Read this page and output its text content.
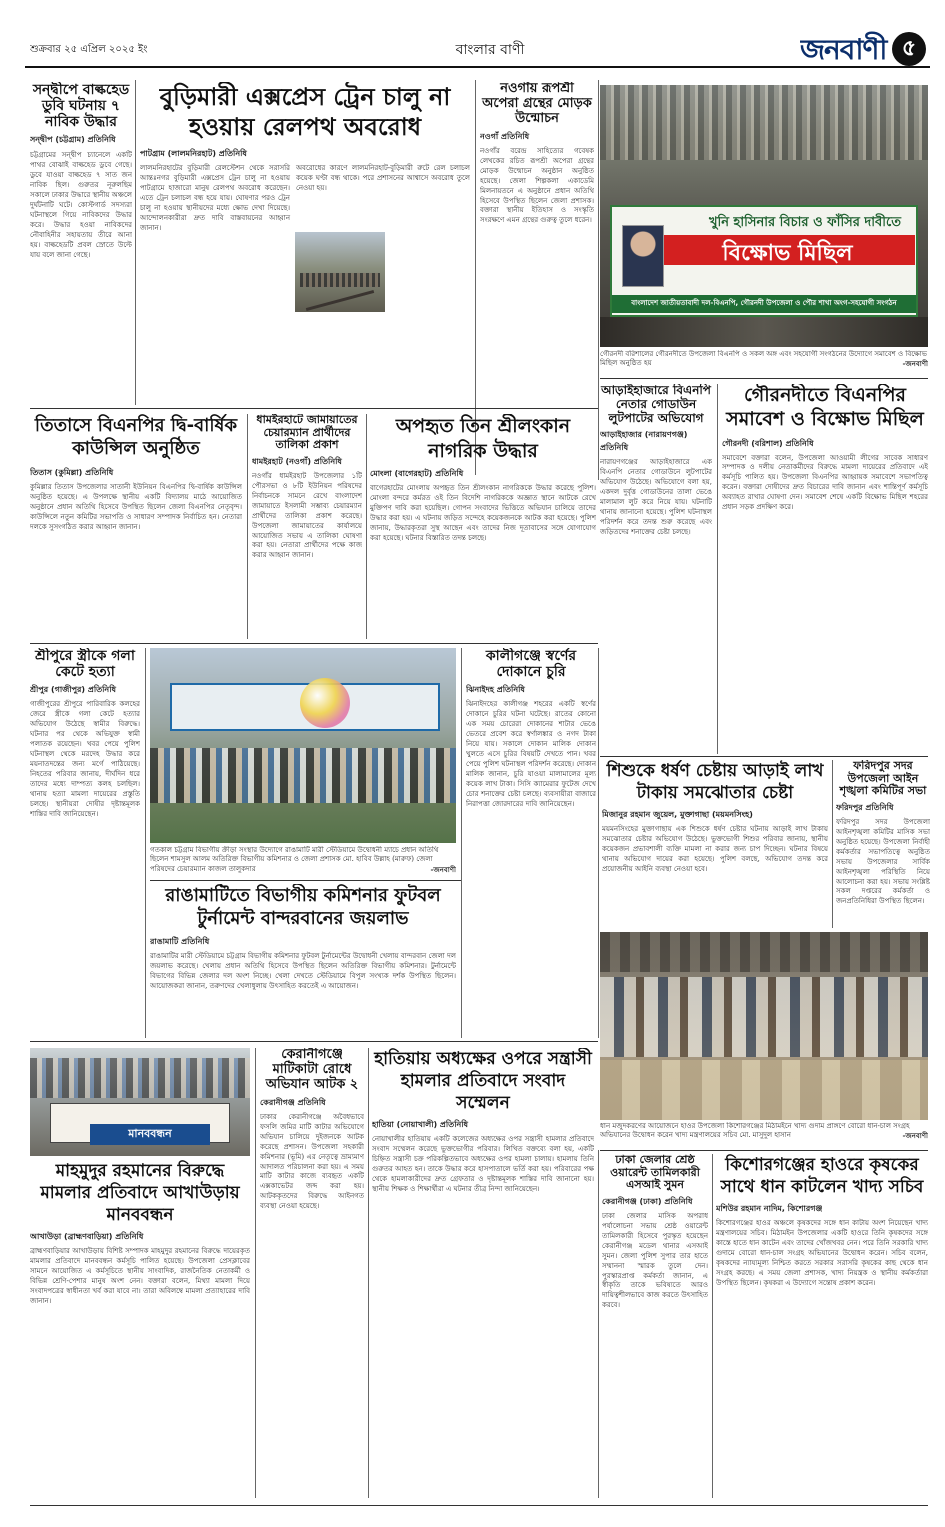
শুক্রবার ২৫ এপ্রিল ২০২৫ ইং	বাংলার বাণী	জনবাণী ৫
সন্দ্বীপে বাল্কহেড ডুবি ঘটনায় ৭ নাবিক উদ্ধার
সন্দ্বীপ (চট্টগ্রাম) প্রতিনিধি
চট্টগ্রামের সন্দ্বীপ চ্যানেলে একটি পাথর বোঝাই বাল্কহেড ডুবে গেছে। ডুবে যাওয়া বাল্কহেড ৭ সাত জন নাবিক ছিল। গুরুতর নূরুলছিম সকালে ঢাকার উদ্ধারে স্থানীয় অঞ্চলে দুর্ঘটনাটি ঘটে। কোস্টগার্ড সদস্যরা ঘটনাস্থলে গিয়ে নাবিকদের উদ্ধার করে। উদ্ধার হওয়া নাবিকদের নৌবাহিনীর সহায়তায় তীরে আনা হয়। বাল্কহেডটি প্রবল স্রোতে উল্টে যায় বলে জানা গেছে।
বুড়িমারী এক্সপ্রেস ট্রেন চালু না হওয়ায় রেলপথ অবরোধ
পাটগ্রাম (লালমনিরহাট) প্রতিনিধি
লালমনিরহাটের বুড়িমারী রেলস্টেশন থেকে সরাসরি আন্তঃনগর বুড়িমারী এক্সপ্রেস ট্রেন চালু না হওয়ায় পাটগ্রামে হাজারো মানুষ রেলপথ অবরোধ করেছেন। এতে ট্রেন চলাচল বন্ধ হয়ে যায়। ঘোষণার পরও ট্রেন চালু না হওয়ায় স্থানীয়দের মধ্যে ক্ষোভ দেখা দিয়েছে। আন্দোলনকারীরা দ্রুত দাবি বাস্তবায়নের আহ্বান জানান।
অবরোধের কারণে লালমনিরহাট-বুড়িমারী রুটে রেল চলাচল কয়েক ঘণ্টা বন্ধ থাকে। পরে প্রশাসনের আশ্বাসে অবরোধ তুলে নেওয়া হয়।
নওগাঁয় রূপশ্রী অপেরা গ্রন্থের মোড়ক উন্মোচন
নওগাঁ প্রতিনিধি
নওগাঁর বরেন্দ্র সাহিত্যের গবেষক লেখকের রচিত রূপশ্রী অপেরা গ্রন্থের মোড়ক উন্মোচন অনুষ্ঠান অনুষ্ঠিত হয়েছে। জেলা শিল্পকলা একাডেমি মিলনায়তনে এ অনুষ্ঠানে প্রধান অতিথি হিসেবে উপস্থিত ছিলেন জেলা প্রশাসক। বক্তারা স্থানীয় ইতিহাস ও সংস্কৃতি সংরক্ষণে এমন গ্রন্থের গুরুত্ব তুলে ধরেন।	খুনি হাসিনার বিচার ও ফাঁসির দাবীতে
বিক্ষোভ মিছিল
বাংলাদেশ জাতীয়তাবাদী দল-বিএনপি, গৌরনদী উপজেলা ও পৌর শাখা অংগ-সহযোগী সংগঠন
গৌরনদী বরিশালের গৌরনদীতে উপজেলা বিএনপি ও সকল অঙ্গ এবং সহযোগী সংগঠনের উদ্যোগে সমাবেশ ও বিক্ষোভ মিছিল অনুষ্ঠিত হয়	-জনবাণী
আড়াইহাজারে বিএনপি নেতার গোডাউন লুটপাটের অভিযোগ
আড়াইহাজার (নারায়ণগঞ্জ) প্রতিনিধি
নারায়ণগঞ্জের আড়াইহাজারে এক বিএনপি নেতার গোডাউনে লুটপাটের অভিযোগ উঠেছে। অভিযোগে বলা হয়, একদল দুর্বৃত্ত গোডাউনের তালা ভেঙে মালামাল লুট করে নিয়ে যায়। ঘটনাটি থানায় জানানো হয়েছে। পুলিশ ঘটনাস্থল পরিদর্শন করে তদন্ত শুরু করেছে এবং জড়িতদের শনাক্তের চেষ্টা চলছে।
গৌরনদীতে বিএনপির সমাবেশ ও বিক্ষোভ মিছিল
গৌরনদী (বরিশাল) প্রতিনিধি
সমাবেশে বক্তারা বলেন, উপজেলা আওয়ামী লীগের সাবেক সাধারণ সম্পাদক ও দলীয় নেতাকর্মীদের বিরুদ্ধে মামলা দায়েরের প্রতিবাদে এই কর্মসূচি পালিত হয়। উপজেলা বিএনপির আহ্বায়ক সমাবেশে সভাপতিত্ব করেন। বক্তারা দোষীদের দ্রুত বিচারের দাবি জানান এবং শান্তিপূর্ণ কর্মসূচি অব্যাহত রাখার ঘোষণা দেন। সমাবেশ শেষে একটি বিক্ষোভ মিছিল শহরের প্রধান সড়ক প্রদক্ষিণ করে।
তিতাসে বিএনপির দ্বি-বার্ষিক কাউন্সিল অনুষ্ঠিত
তিতাস (কুমিল্লা) প্রতিনিধি
কুমিল্লার তিতাস উপজেলার সাতানী ইউনিয়ন বিএনপির দ্বি-বার্ষিক কাউন্সিল অনুষ্ঠিত হয়েছে। এ উপলক্ষে স্থানীয় একটি বিদ্যালয় মাঠে আয়োজিত অনুষ্ঠানে প্রধান অতিথি হিসেবে উপস্থিত ছিলেন জেলা বিএনপির নেতৃবৃন্দ। কাউন্সিলে নতুন কমিটির সভাপতি ও সাধারণ সম্পাদক নির্বাচিত হন। নেতারা দলকে সুসংগঠিত করার আহ্বান জানান।
ধামইরহাটে জামায়াতের চেয়ারম্যান প্রার্থীদের তালিকা প্রকাশ
ধামইরহাট (নওগাঁ) প্রতিনিধি
নওগাঁর ধামইরহাট উপজেলার ১টি পৌরসভা ও ৮টি ইউনিয়ন পরিষদের নির্বাচনকে সামনে রেখে বাংলাদেশ জামায়াতে ইসলামী সম্ভাব্য চেয়ারম্যান প্রার্থীদের তালিকা প্রকাশ করেছে। উপজেলা জামায়াতের কার্যালয়ে আয়োজিত সভায় এ তালিকা ঘোষণা করা হয়। নেতারা প্রার্থীদের পক্ষে কাজ করার আহ্বান জানান।
অপহৃত তিন শ্রীলংকান নাগরিক উদ্ধার
মোংলা (বাগেরহাট) প্রতিনিধি
বাগেরহাটের মোংলায় অপহৃত তিন শ্রীলংকান নাগরিককে উদ্ধার করেছে পুলিশ। মোংলা বন্দরে কর্মরত ওই তিন বিদেশি নাগরিককে অজ্ঞাত স্থানে আটকে রেখে মুক্তিপণ দাবি করা হয়েছিল। গোপন সংবাদের ভিত্তিতে অভিযান চালিয়ে তাদের উদ্ধার করা হয়। এ ঘটনায় জড়িত সন্দেহে কয়েকজনকে আটক করা হয়েছে। পুলিশ জানায়, উদ্ধারকৃতরা সুস্থ আছেন এবং তাদের নিজ দূতাবাসের সঙ্গে যোগাযোগ করা হয়েছে। ঘটনার বিস্তারিত তদন্ত চলছে।
শ্রীপুরে স্ত্রীকে গলা কেটে হত্যা
শ্রীপুর (গাজীপুর) প্রতিনিধি
গাজীপুরের শ্রীপুরে পারিবারিক কলহের জেরে স্ত্রীকে গলা কেটে হত্যার অভিযোগ উঠেছে স্বামীর বিরুদ্ধে। ঘটনার পর থেকে অভিযুক্ত স্বামী পলাতক রয়েছেন। খবর পেয়ে পুলিশ ঘটনাস্থল থেকে মরদেহ উদ্ধার করে ময়নাতদন্তের জন্য মর্গে পাঠিয়েছে। নিহতের পরিবার জানায়, দীর্ঘদিন ধরে তাদের মধ্যে দাম্পত্য কলহ চলছিল। থানায় হত্যা মামলা দায়েরের প্রস্তুতি চলছে। স্থানীয়রা দোষীর দৃষ্টান্তমূলক শাস্তির দাবি জানিয়েছেন।
গতকাল চট্টগ্রাম বিভাগীয় ক্রীড়া সংস্থার উদ্যোগে রাঙামাটি মারী স্টেডিয়ামে উদ্বোধনী ম্যাচে প্রধান অতিথি ছিলেন শামসুল আলম অতিরিক্ত বিভাগীয় কমিশনার ও জেলা প্রশাসক মো. হাবিব উল্লাহ (মারুফ) জেলা পরিষদের চেয়ারম্যান কাজল তালুকদার	-জনবাণী
কালীগঞ্জে স্বর্ণের দোকানে চুরি
ঝিনাইদহ প্রতিনিধি
ঝিনাইদহের কালীগঞ্জ শহরের একটি স্বর্ণের দোকানে চুরির ঘটনা ঘটেছে। রাতের কোনো এক সময় চোরেরা দোকানের শাটার ভেঙে ভেতরে প্রবেশ করে স্বর্ণালঙ্কার ও নগদ টাকা নিয়ে যায়। সকালে দোকান মালিক দোকান খুলতে এসে চুরির বিষয়টি দেখতে পান। খবর পেয়ে পুলিশ ঘটনাস্থল পরিদর্শন করেছে। দোকান মালিক জানান, চুরি যাওয়া মালামালের মূল্য কয়েক লাখ টাকা। সিসি ক্যামেরার ফুটেজ দেখে চোর শনাক্তের চেষ্টা চলছে। ব্যবসায়ীরা বাজারে নিরাপত্তা জোরদারের দাবি জানিয়েছেন।
শিশুকে ধর্ষণ চেষ্টায় আড়াই লাখ টাকায় সমঝোতার চেষ্টা
মিজানুর রহমান জুয়েল, মুক্তাগাছা (ময়মনসিংহ)
ময়মনসিংহের মুক্তাগাছায় এক শিশুকে ধর্ষণ চেষ্টার ঘটনায় আড়াই লাখ টাকায় সমঝোতার চেষ্টার অভিযোগ উঠেছে। ভুক্তভোগী শিশুর পরিবার জানায়, স্থানীয় কয়েকজন প্রভাবশালী ব্যক্তি মামলা না করার জন্য চাপ দিচ্ছেন। ঘটনার বিষয়ে থানায় অভিযোগ দায়ের করা হয়েছে। পুলিশ বলছে, অভিযোগ তদন্ত করে প্রয়োজনীয় আইনি ব্যবস্থা নেওয়া হবে।
ফরিদপুর সদর উপজেলা আইন শৃঙ্খলা কমিটির সভা
ফরিদপুর প্রতিনিধি
ফরিদপুর সদর উপজেলা আইনশৃঙ্খলা কমিটির মাসিক সভা অনুষ্ঠিত হয়েছে। উপজেলা নির্বাহী কর্মকর্তার সভাপতিত্বে অনুষ্ঠিত সভায় উপজেলার সার্বিক আইনশৃঙ্খলা পরিস্থিতি নিয়ে আলোচনা করা হয়। সভায় সংশ্লিষ্ট সকল দপ্তরের কর্মকর্তা ও জনপ্রতিনিধিরা উপস্থিত ছিলেন।
রাঙামাটিতে বিভাগীয় কমিশনার ফুটবল টুর্নামেন্ট বান্দরবানের জয়লাভ
রাঙামাটি প্রতিনিধি
রাঙামাটির মারী স্টেডিয়ামে চট্টগ্রাম বিভাগীয় কমিশনার ফুটবল টুর্নামেন্টের উদ্বোধনী খেলায় বান্দরবান জেলা দল জয়লাভ করেছে। খেলায় প্রধান অতিথি হিসেবে উপস্থিত ছিলেন অতিরিক্ত বিভাগীয় কমিশনার। টুর্নামেন্টে বিভাগের বিভিন্ন জেলার দল অংশ নিচ্ছে। খেলা দেখতে স্টেডিয়ামে বিপুল সংখ্যক দর্শক উপস্থিত ছিলেন। আয়োজকরা জানান, তরুণদের খেলাধুলায় উৎসাহিত করতেই এ আয়োজন।
ধান মজুদকরণের আয়োজনে হাওর উপজেলা কিশোরগঞ্জের মিঠামইনে খাদ্য গুদাম প্রাঙ্গণে বোরো ধান-চাল সংগ্রহ অভিযানের উদ্বোধন করেন খাদ্য মন্ত্রণালয়ের সচিব মো. মাসুদুল হাসান	-জনবাণী
মানববন্ধন
মাহমুদুর রহমানের বিরুদ্ধে মামলার প্রতিবাদে আখাউড়ায় মানববন্ধন
আখাউড়া (ব্রাহ্মণবাড়িয়া) প্রতিনিধি
ব্রাহ্মণবাড়িয়ার আখাউড়ায় বিশিষ্ট সম্পাদক মাহমুদুর রহমানের বিরুদ্ধে দায়েরকৃত মামলার প্রতিবাদে মানববন্ধন কর্মসূচি পালিত হয়েছে। উপজেলা প্রেসক্লাবের সামনে আয়োজিত এ কর্মসূচিতে স্থানীয় সাংবাদিক, রাজনৈতিক নেতাকর্মী ও বিভিন্ন শ্রেণি-পেশার মানুষ অংশ নেন। বক্তারা বলেন, মিথ্যা মামলা দিয়ে সংবাদপত্রের স্বাধীনতা খর্ব করা যাবে না। তারা অবিলম্বে মামলা প্রত্যাহারের দাবি জানান।
কেরানীগঞ্জে মাটিকাটা রোধে অভিযান আটক ২
কেরানীগঞ্জ প্রতিনিধি
ঢাকার কেরানীগঞ্জে অবৈধভাবে ফসলি জমির মাটি কাটার অভিযোগে অভিযান চালিয়ে দুইজনকে আটক করেছে প্রশাসন। উপজেলা সহকারী কমিশনার (ভূমি) এর নেতৃত্বে ভ্রাম্যমাণ আদালত পরিচালনা করা হয়। এ সময় মাটি কাটার কাজে ব্যবহৃত একটি এক্সকাভেটর জব্দ করা হয়। আটককৃতদের বিরুদ্ধে আইনগত ব্যবস্থা নেওয়া হয়েছে।
হাতিয়ায় অধ্যক্ষের ওপরে সন্ত্রাসী হামলার প্রতিবাদে সংবাদ সম্মেলন
হাতিয়া (নোয়াখালী) প্রতিনিধি
নোয়াখালীর হাতিয়ায় একটি কলেজের অধ্যক্ষের ওপর সন্ত্রাসী হামলার প্রতিবাদে সংবাদ সম্মেলন করেছে ভুক্তভোগীর পরিবার। লিখিত বক্তব্যে বলা হয়, একটি চিহ্নিত সন্ত্রাসী চক্র পরিকল্পিতভাবে অধ্যক্ষের ওপর হামলা চালায়। হামলায় তিনি গুরুতর আহত হন। তাকে উদ্ধার করে হাসপাতালে ভর্তি করা হয়। পরিবারের পক্ষ থেকে হামলাকারীদের দ্রুত গ্রেফতার ও দৃষ্টান্তমূলক শাস্তির দাবি জানানো হয়। স্থানীয় শিক্ষক ও শিক্ষার্থীরা এ ঘটনার তীব্র নিন্দা জানিয়েছেন।
ঢাকা জেলার শ্রেষ্ঠ ওয়ারেন্ট তামিলকারী এসআই সুমন
কেরানীগঞ্জ (ঢাকা) প্রতিনিধি
ঢাকা জেলার মাসিক অপরাধ পর্যালোচনা সভায় শ্রেষ্ঠ ওয়ারেন্ট তামিলকারী হিসেবে পুরস্কৃত হয়েছেন কেরানীগঞ্জ মডেল থানার এসআই সুমন। জেলা পুলিশ সুপার তার হাতে সম্মাননা স্মারক তুলে দেন। পুরস্কারপ্রাপ্ত কর্মকর্তা জানান, এ স্বীকৃতি তাকে ভবিষ্যতে আরও দায়িত্বশীলভাবে কাজ করতে উৎসাহিত করবে।
কিশোরগঞ্জের হাওরে কৃষকের সাথে ধান কাটলেন খাদ্য সচিব
মশিউর রহমান নাদিম, কিশোরগঞ্জ
কিশোরগঞ্জের হাওর অঞ্চলে কৃষকদের সঙ্গে ধান কাটায় অংশ নিয়েছেন খাদ্য মন্ত্রণালয়ের সচিব। মিঠামইন উপজেলার একটি হাওরে তিনি কৃষকদের সঙ্গে কাস্তে হাতে ধান কাটেন এবং তাদের খোঁজখবর নেন। পরে তিনি সরকারি খাদ্য গুদামে বোরো ধান-চাল সংগ্রহ অভিযানের উদ্বোধন করেন। সচিব বলেন, কৃষকদের ন্যায্যমূল্য নিশ্চিত করতে সরকার সরাসরি কৃষকের কাছ থেকে ধান সংগ্রহ করছে। এ সময় জেলা প্রশাসক, খাদ্য নিয়ন্ত্রক ও স্থানীয় কর্মকর্তারা উপস্থিত ছিলেন। কৃষকরা এ উদ্যোগে সন্তোষ প্রকাশ করেন।
